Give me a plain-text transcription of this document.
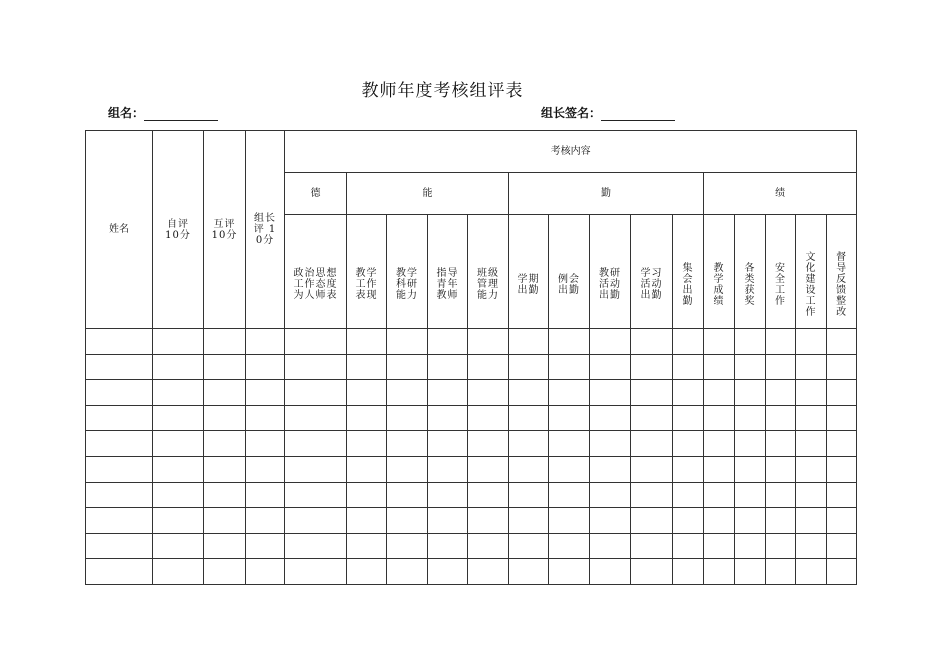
教师年度考核组评表
组名：	组长签名：
姓名	自评 10分	互评 10分	组长 评 10分	考核内容														
				德	能				勤					绩				

				政治思想工作态度为人师表	教学工作表现	教学科研能力	指导青年教师	班级管理能力	学期出勤	例会出勤	教研活动出勤	学习活动出勤	集会出勤	教学成绩	各类获奖	安全工作	文化建设工作	督导反馈整改
